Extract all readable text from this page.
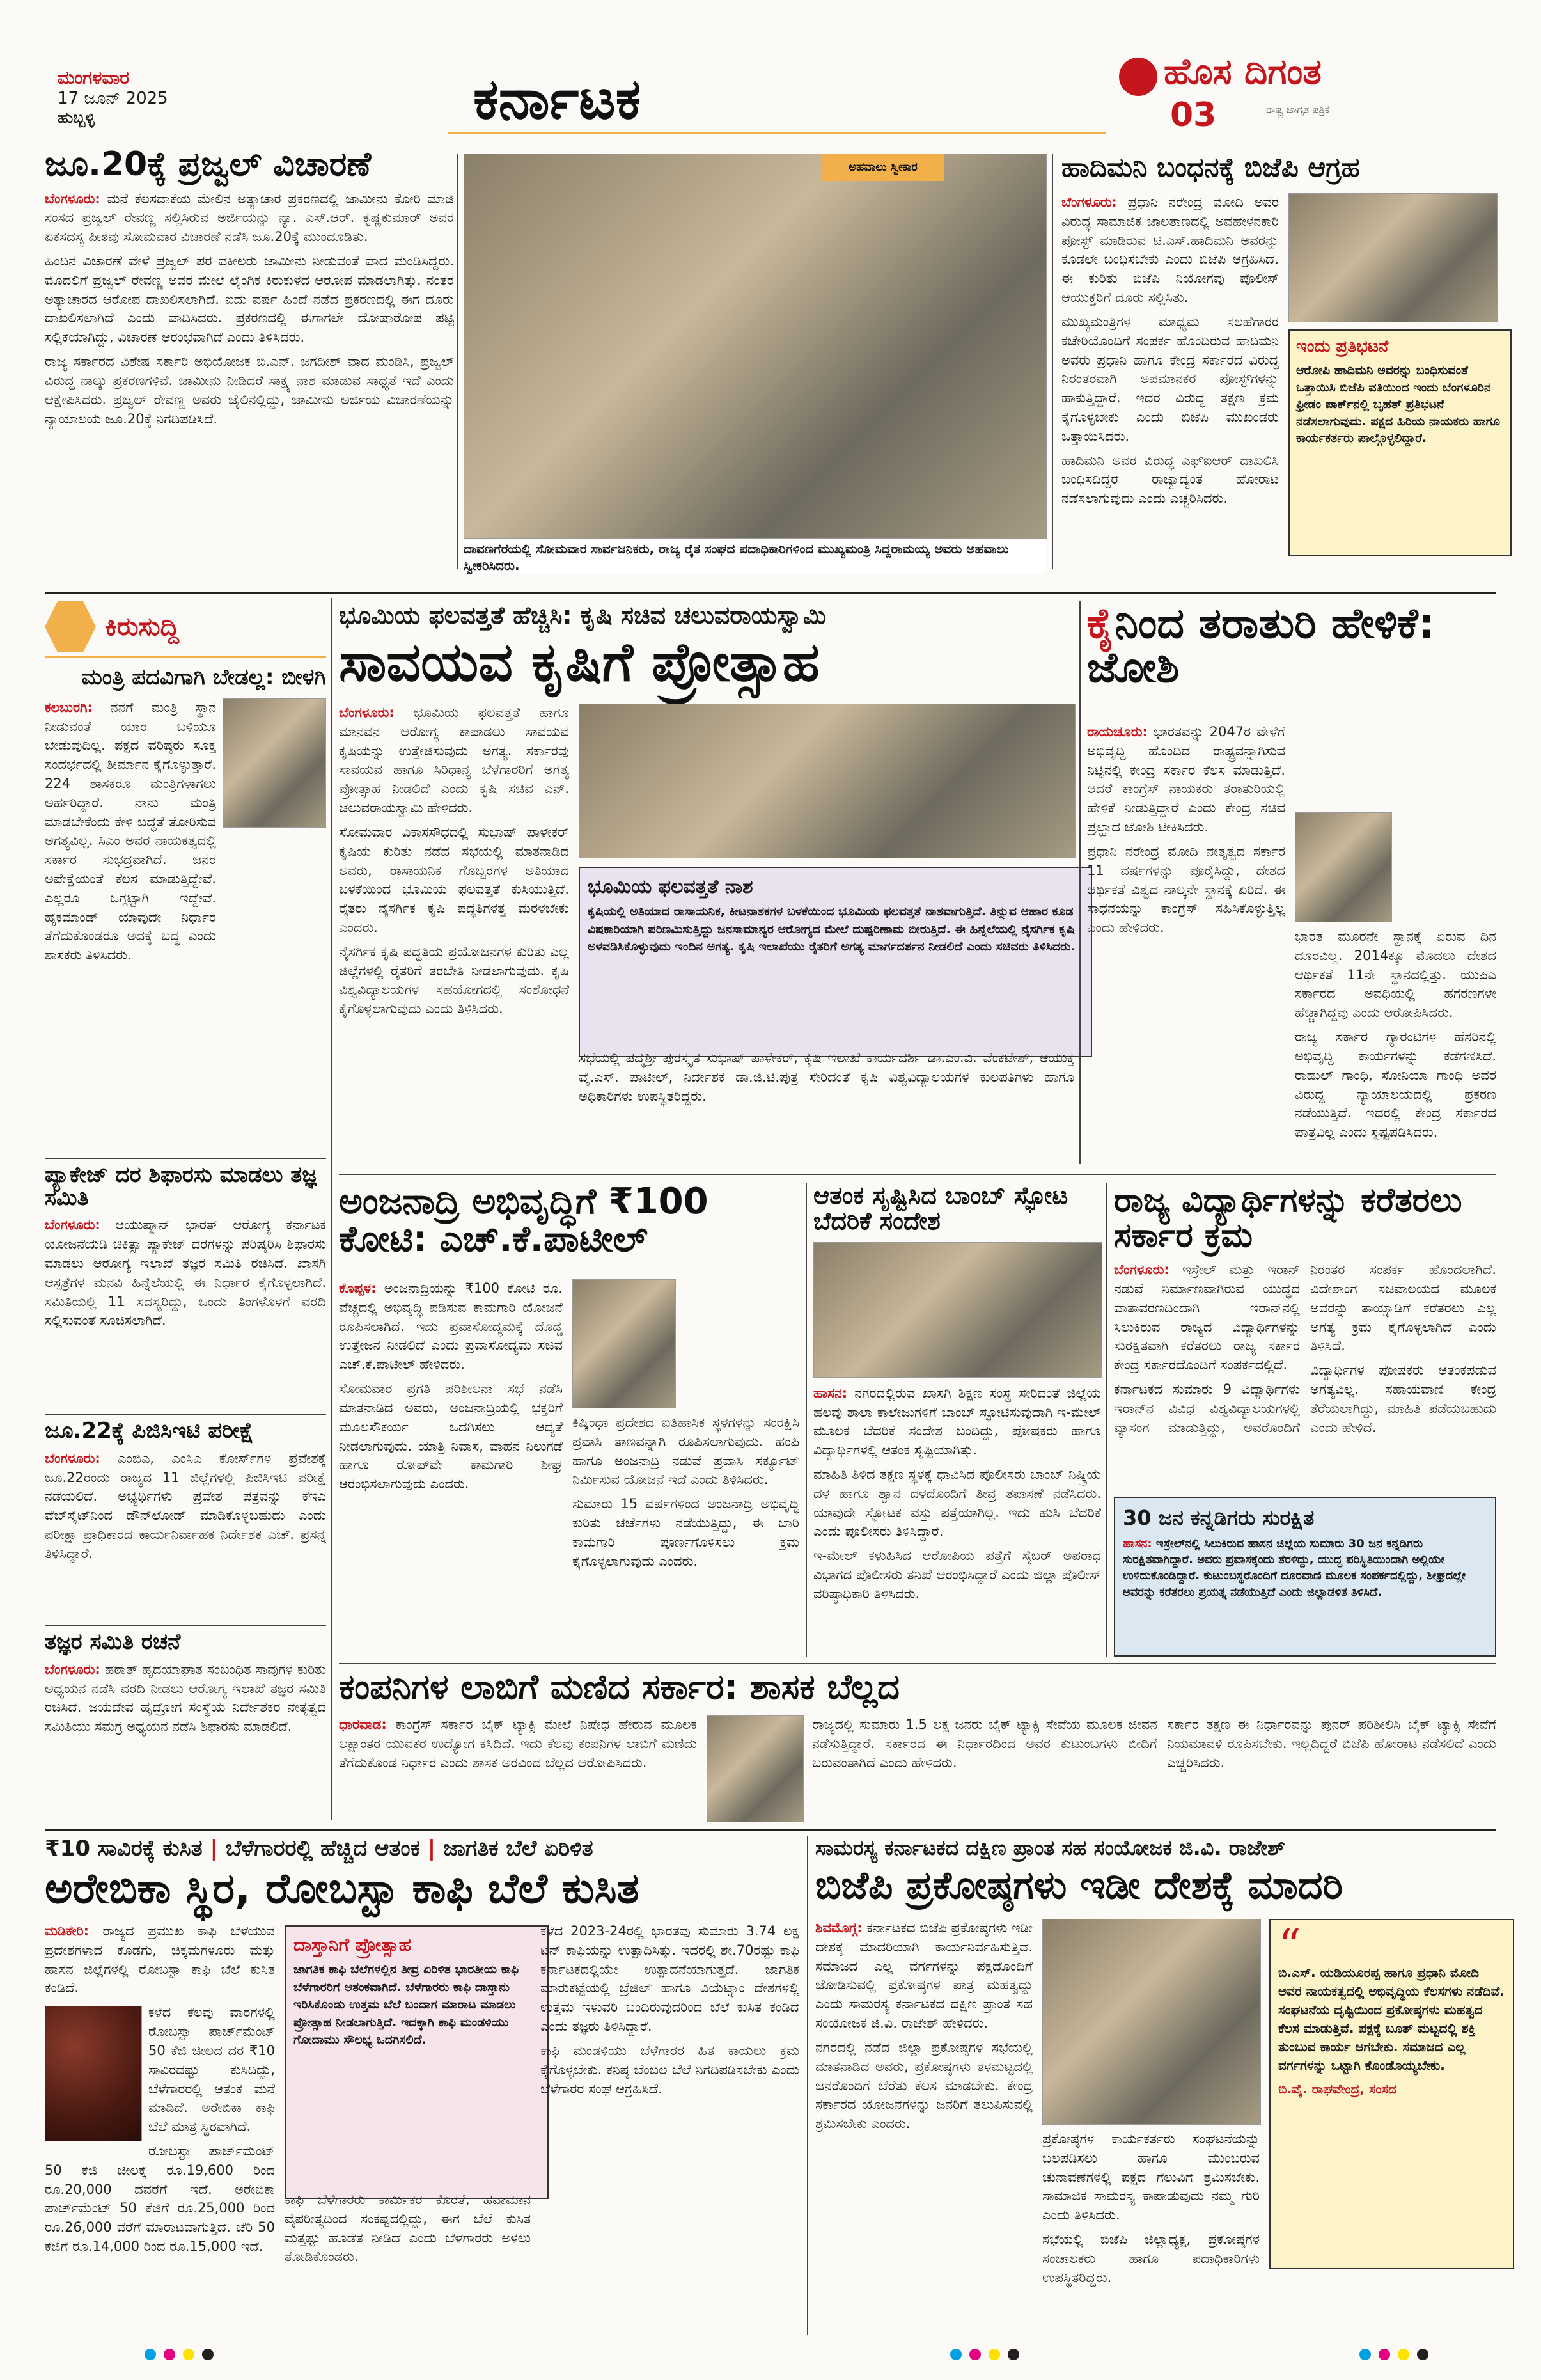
ಮಂಗಳವಾರ
17 ಜೂನ್ 2025
ಹುಬ್ಬಳ್ಳಿ	ಕರ್ನಾಟಕ	ಹೊಸ ದಿಗಂತ
ರಾಷ್ಟ್ರ ಜಾಗೃತ ಪತ್ರಿಕೆ
03
ಜೂ.20ಕ್ಕೆ ಪ್ರಜ್ವಲ್ ವಿಚಾರಣೆ

ಬೆಂಗಳೂರು: ಮನೆ ಕೆಲಸದಾಕೆಯ ಮೇಲಿನ ಅತ್ಯಾಚಾರ ಪ್ರಕರಣದಲ್ಲಿ ಜಾಮೀನು ಕೋರಿ ಮಾಜಿ ಸಂಸದ ಪ್ರಜ್ವಲ್ ರೇವಣ್ಣ ಸಲ್ಲಿಸಿರುವ ಅರ್ಜಿಯನ್ನು ನ್ಯಾ. ಎಸ್.ಆರ್. ಕೃಷ್ಣಕುಮಾರ್ ಅವರ ಏಕಸದಸ್ಯ ಪೀಠವು ಸೋಮವಾರ ವಿಚಾರಣೆ ನಡೆಸಿ ಜೂ.20ಕ್ಕೆ ಮುಂದೂಡಿತು.

ಹಿಂದಿನ ವಿಚಾರಣೆ ವೇಳೆ ಪ್ರಜ್ವಲ್ ಪರ ವಕೀಲರು ಜಾಮೀನು ನೀಡುವಂತೆ ವಾದ ಮಂಡಿಸಿದ್ದರು. ಮೊದಲಿಗೆ ಪ್ರಜ್ವಲ್ ರೇವಣ್ಣ ಅವರ ಮೇಲೆ ಲೈಂಗಿಕ ಕಿರುಕುಳದ ಆರೋಪ ಮಾಡಲಾಗಿತ್ತು. ನಂತರ ಅತ್ಯಾಚಾರದ ಆರೋಪ ದಾಖಲಿಸಲಾಗಿದೆ. ಐದು ವರ್ಷ ಹಿಂದೆ ನಡೆದ ಪ್ರಕರಣದಲ್ಲಿ ಈಗ ದೂರು ದಾಖಲಿಸಲಾಗಿದೆ ಎಂದು ವಾದಿಸಿದರು. ಪ್ರಕರಣದಲ್ಲಿ ಈಗಾಗಲೇ ದೋಷಾರೋಪ ಪಟ್ಟಿ ಸಲ್ಲಿಕೆಯಾಗಿದ್ದು, ವಿಚಾರಣೆ ಆರಂಭವಾಗಿದೆ ಎಂದು ತಿಳಿಸಿದರು.

ರಾಜ್ಯ ಸರ್ಕಾರದ ವಿಶೇಷ ಸರ್ಕಾರಿ ಅಭಿಯೋಜಕ ಬಿ.ಎನ್. ಜಗದೀಶ್ ವಾದ ಮಂಡಿಸಿ, ಪ್ರಜ್ವಲ್ ವಿರುದ್ಧ ನಾಲ್ಕು ಪ್ರಕರಣಗಳಿವೆ. ಜಾಮೀನು ನೀಡಿದರೆ ಸಾಕ್ಷ್ಯ ನಾಶ ಮಾಡುವ ಸಾಧ್ಯತೆ ಇದೆ ಎಂದು ಆಕ್ಷೇಪಿಸಿದರು. ಪ್ರಜ್ವಲ್ ರೇವಣ್ಣ ಅವರು ಜೈಲಿನಲ್ಲಿದ್ದು, ಜಾಮೀನು ಅರ್ಜಿಯ ವಿಚಾರಣೆಯನ್ನು ನ್ಯಾಯಾಲಯ ಜೂ.20ಕ್ಕೆ ನಿಗದಿಪಡಿಸಿದೆ.

ಅಹವಾಲು ಸ್ವೀಕಾರ
ದಾವಣಗೆರೆಯಲ್ಲಿ ಸೋಮವಾರ ಸಾರ್ವಜನಿಕರು, ರಾಜ್ಯ ರೈತ ಸಂಘದ ಪದಾಧಿಕಾರಿಗಳಿಂದ ಮುಖ್ಯಮಂತ್ರಿ ಸಿದ್ದರಾಮಯ್ಯ ಅವರು ಅಹವಾಲು ಸ್ವೀಕರಿಸಿದರು.
ಹಾದಿಮನಿ ಬಂಧನಕ್ಕೆ ಬಿಜೆಪಿ ಆಗ್ರಹ

ಬೆಂಗಳೂರು: ಪ್ರಧಾನಿ ನರೇಂದ್ರ ಮೋದಿ ಅವರ ವಿರುದ್ಧ ಸಾಮಾಜಿಕ ಜಾಲತಾಣದಲ್ಲಿ ಅವಹೇಳನಕಾರಿ ಪೋಸ್ಟ್ ಮಾಡಿರುವ ಟಿ.ಎಸ್.ಹಾದಿಮನಿ ಅವರನ್ನು ಕೂಡಲೇ ಬಂಧಿಸಬೇಕು ಎಂದು ಬಿಜೆಪಿ ಆಗ್ರಹಿಸಿದೆ. ಈ ಕುರಿತು ಬಿಜೆಪಿ ನಿಯೋಗವು ಪೊಲೀಸ್ ಆಯುಕ್ತರಿಗೆ ದೂರು ಸಲ್ಲಿಸಿತು.

ಮುಖ್ಯಮಂತ್ರಿಗಳ ಮಾಧ್ಯಮ ಸಲಹೆಗಾರರ ಕಚೇರಿಯೊಂದಿಗೆ ಸಂಪರ್ಕ ಹೊಂದಿರುವ ಹಾದಿಮನಿ ಅವರು ಪ್ರಧಾನಿ ಹಾಗೂ ಕೇಂದ್ರ ಸರ್ಕಾರದ ವಿರುದ್ಧ ನಿರಂತರವಾಗಿ ಅಪಮಾನಕರ ಪೋಸ್ಟ್‌ಗಳನ್ನು ಹಾಕುತ್ತಿದ್ದಾರೆ. ಇದರ ವಿರುದ್ಧ ತಕ್ಷಣ ಕ್ರಮ ಕೈಗೊಳ್ಳಬೇಕು ಎಂದು ಬಿಜೆಪಿ ಮುಖಂಡರು ಒತ್ತಾಯಿಸಿದರು.

ಹಾದಿಮನಿ ಅವರ ವಿರುದ್ಧ ಎಫ್‌ಐಆರ್ ದಾಖಲಿಸಿ ಬಂಧಿಸದಿದ್ದರೆ ರಾಜ್ಯಾದ್ಯಂತ ಹೋರಾಟ ನಡೆಸಲಾಗುವುದು ಎಂದು ಎಚ್ಚರಿಸಿದರು.

ಇಂದು ಪ್ರತಿಭಟನೆ
ಆರೋಪಿ ಹಾದಿಮನಿ ಅವರನ್ನು ಬಂಧಿಸುವಂತೆ ಒತ್ತಾಯಿಸಿ ಬಿಜೆಪಿ ವತಿಯಿಂದ ಇಂದು ಬೆಂಗಳೂರಿನ ಫ್ರೀಡಂ ಪಾರ್ಕ್‌ನಲ್ಲಿ ಬೃಹತ್ ಪ್ರತಿಭಟನೆ ನಡೆಸಲಾಗುವುದು. ಪಕ್ಷದ ಹಿರಿಯ ನಾಯಕರು ಹಾಗೂ ಕಾರ್ಯಕರ್ತರು ಪಾಲ್ಗೊಳ್ಳಲಿದ್ದಾರೆ.
ಕಿರುಸುದ್ದಿ
ಮಂತ್ರಿ ಪದವಿಗಾಗಿ ಬೇಡಲ್ಲ: ಬೀಳಗಿ

ಕಲಬುರಗಿ: ನನಗೆ ಮಂತ್ರಿ ಸ್ಥಾನ ನೀಡುವಂತೆ ಯಾರ ಬಳಿಯೂ ಬೇಡುವುದಿಲ್ಲ. ಪಕ್ಷದ ವರಿಷ್ಠರು ಸೂಕ್ತ ಸಂದರ್ಭದಲ್ಲಿ ತೀರ್ಮಾನ ಕೈಗೊಳ್ಳುತ್ತಾರೆ. 224 ಶಾಸಕರೂ ಮಂತ್ರಿಗಳಾಗಲು ಅರ್ಹರಿದ್ದಾರೆ. ನಾನು ಮಂತ್ರಿ ಮಾಡಬೇಕೆಂದು ಕೇಳಿ ಬದ್ಧತೆ ತೋರಿಸುವ ಅಗತ್ಯವಿಲ್ಲ. ಸಿಎಂ ಅವರ ನಾಯಕತ್ವದಲ್ಲಿ ಸರ್ಕಾರ ಸುಭದ್ರವಾಗಿದೆ. ಜನರ ಅಪೇಕ್ಷೆಯಂತೆ ಕೆಲಸ ಮಾಡುತ್ತಿದ್ದೇವೆ. ಎಲ್ಲರೂ ಒಗ್ಗಟ್ಟಾಗಿ ಇದ್ದೇವೆ. ಹೈಕಮಾಂಡ್ ಯಾವುದೇ ನಿರ್ಧಾರ ತೆಗೆದುಕೊಂಡರೂ ಅದಕ್ಕೆ ಬದ್ಧ ಎಂದು ಶಾಸಕರು ತಿಳಿಸಿದರು.

ಪ್ಯಾಕೇಜ್ ದರ ಶಿಫಾರಸು ಮಾಡಲು ತಜ್ಞ ಸಮಿತಿ

ಬೆಂಗಳೂರು: ಆಯುಷ್ಮಾನ್ ಭಾರತ್ ಆರೋಗ್ಯ ಕರ್ನಾಟಕ ಯೋಜನೆಯಡಿ ಚಿಕಿತ್ಸಾ ಪ್ಯಾಕೇಜ್ ದರಗಳನ್ನು ಪರಿಷ್ಕರಿಸಿ ಶಿಫಾರಸು ಮಾಡಲು ಆರೋಗ್ಯ ಇಲಾಖೆ ತಜ್ಞರ ಸಮಿತಿ ರಚಿಸಿದೆ. ಖಾಸಗಿ ಆಸ್ಪತ್ರೆಗಳ ಮನವಿ ಹಿನ್ನೆಲೆಯಲ್ಲಿ ಈ ನಿರ್ಧಾರ ಕೈಗೊಳ್ಳಲಾಗಿದೆ. ಸಮಿತಿಯಲ್ಲಿ 11 ಸದಸ್ಯರಿದ್ದು, ಒಂದು ತಿಂಗಳೊಳಗೆ ವರದಿ ಸಲ್ಲಿಸುವಂತೆ ಸೂಚಿಸಲಾಗಿದೆ.

ಜೂ.22ಕ್ಕೆ ಪಿಜಿಸಿಇಟಿ ಪರೀಕ್ಷೆ

ಬೆಂಗಳೂರು: ಎಂಬಿಎ, ಎಂಸಿಎ ಕೋರ್ಸ್‌ಗಳ ಪ್ರವೇಶಕ್ಕೆ ಜೂ.22ರಂದು ರಾಜ್ಯದ 11 ಜಿಲ್ಲೆಗಳಲ್ಲಿ ಪಿಜಿಸಿಇಟಿ ಪರೀಕ್ಷೆ ನಡೆಯಲಿದೆ. ಅಭ್ಯರ್ಥಿಗಳು ಪ್ರವೇಶ ಪತ್ರವನ್ನು ಕೆಇಎ ವೆಬ್‌ಸೈಟ್‌ನಿಂದ ಡೌನ್‌ಲೋಡ್ ಮಾಡಿಕೊಳ್ಳಬಹುದು ಎಂದು ಪರೀಕ್ಷಾ ಪ್ರಾಧಿಕಾರದ ಕಾರ್ಯನಿರ್ವಾಹಕ ನಿರ್ದೇಶಕ ಎಚ್. ಪ್ರಸನ್ನ ತಿಳಿಸಿದ್ದಾರೆ.

ತಜ್ಞರ ಸಮಿತಿ ರಚನೆ

ಬೆಂಗಳೂರು: ಹಠಾತ್ ಹೃದಯಾಘಾತ ಸಂಬಂಧಿತ ಸಾವುಗಳ ಕುರಿತು ಅಧ್ಯಯನ ನಡೆಸಿ ವರದಿ ನೀಡಲು ಆರೋಗ್ಯ ಇಲಾಖೆ ತಜ್ಞರ ಸಮಿತಿ ರಚಿಸಿದೆ. ಜಯದೇವ ಹೃದ್ರೋಗ ಸಂಸ್ಥೆಯ ನಿರ್ದೇಶಕರ ನೇತೃತ್ವದ ಸಮಿತಿಯು ಸಮಗ್ರ ಅಧ್ಯಯನ ನಡೆಸಿ ಶಿಫಾರಸು ಮಾಡಲಿದೆ.

ಭೂಮಿಯ ಫಲವತ್ತತೆ ಹೆಚ್ಚಿಸಿ: ಕೃಷಿ ಸಚಿವ ಚಲುವರಾಯಸ್ವಾಮಿ
ಸಾವಯವ ಕೃಷಿಗೆ ಪ್ರೋತ್ಸಾಹ

ಬೆಂಗಳೂರು: ಭೂಮಿಯ ಫಲವತ್ತತೆ ಹಾಗೂ ಮಾನವನ ಆರೋಗ್ಯ ಕಾಪಾಡಲು ಸಾವಯವ ಕೃಷಿಯನ್ನು ಉತ್ತೇಜಿಸುವುದು ಅಗತ್ಯ. ಸರ್ಕಾರವು ಸಾವಯವ ಹಾಗೂ ಸಿರಿಧಾನ್ಯ ಬೆಳೆಗಾರರಿಗೆ ಅಗತ್ಯ ಪ್ರೋತ್ಸಾಹ ನೀಡಲಿದೆ ಎಂದು ಕೃಷಿ ಸಚಿವ ಎನ್. ಚಲುವರಾಯಸ್ವಾಮಿ ಹೇಳಿದರು.

ಸೋಮವಾರ ವಿಕಾಸಸೌಧದಲ್ಲಿ ಸುಭಾಷ್ ಪಾಳೇಕರ್ ಕೃಷಿಯ ಕುರಿತು ನಡೆದ ಸಭೆಯಲ್ಲಿ ಮಾತನಾಡಿದ ಅವರು, ರಾಸಾಯನಿಕ ಗೊಬ್ಬರಗಳ ಅತಿಯಾದ ಬಳಕೆಯಿಂದ ಭೂಮಿಯ ಫಲವತ್ತತೆ ಕುಸಿಯುತ್ತಿದೆ. ರೈತರು ನೈಸರ್ಗಿಕ ಕೃಷಿ ಪದ್ಧತಿಗಳತ್ತ ಮರಳಬೇಕು ಎಂದರು.

ನೈಸರ್ಗಿಕ ಕೃಷಿ ಪದ್ಧತಿಯ ಪ್ರಯೋಜನಗಳ ಕುರಿತು ಎಲ್ಲ ಜಿಲ್ಲೆಗಳಲ್ಲಿ ರೈತರಿಗೆ ತರಬೇತಿ ನೀಡಲಾಗುವುದು. ಕೃಷಿ ವಿಶ್ವವಿದ್ಯಾಲಯಗಳ ಸಹಯೋಗದಲ್ಲಿ ಸಂಶೋಧನೆ ಕೈಗೊಳ್ಳಲಾಗುವುದು ಎಂದು ತಿಳಿಸಿದರು.

ಭೂಮಿಯ ಫಲವತ್ತತೆ ನಾಶ
ಕೃಷಿಯಲ್ಲಿ ಅತಿಯಾದ ರಾಸಾಯನಿಕ, ಕೀಟನಾಶಕಗಳ ಬಳಕೆಯಿಂದ ಭೂಮಿಯ ಫಲವತ್ತತೆ ನಾಶವಾಗುತ್ತಿದೆ. ತಿನ್ನುವ ಆಹಾರ ಕೂಡ ವಿಷಕಾರಿಯಾಗಿ ಪರಿಣಮಿಸುತ್ತಿದ್ದು ಜನಸಾಮಾನ್ಯರ ಆರೋಗ್ಯದ ಮೇಲೆ ದುಷ್ಪರಿಣಾಮ ಬೀರುತ್ತಿದೆ. ಈ ಹಿನ್ನೆಲೆಯಲ್ಲಿ ನೈಸರ್ಗಿಕ ಕೃಷಿ ಅಳವಡಿಸಿಕೊಳ್ಳುವುದು ಇಂದಿನ ಅಗತ್ಯ. ಕೃಷಿ ಇಲಾಖೆಯು ರೈತರಿಗೆ ಅಗತ್ಯ ಮಾರ್ಗದರ್ಶನ ನೀಡಲಿದೆ ಎಂದು ಸಚಿವರು ತಿಳಿಸಿದರು.

ಸಭೆಯಲ್ಲಿ ಪದ್ಮಶ್ರೀ ಪುರಸ್ಕೃತ ಸುಭಾಷ್ ಪಾಳೇಕರ್, ಕೃಷಿ ಇಲಾಖೆ ಕಾರ್ಯದರ್ಶಿ ಡಾ.ಎಂ.ವಿ. ವೆಂಕಟೇಶ್, ಆಯುಕ್ತ ವೈ.ಎಸ್. ಪಾಟೀಲ್, ನಿರ್ದೇಶಕ ಡಾ.ಜಿ.ಟಿ.ಪುತ್ರ ಸೇರಿದಂತೆ ಕೃಷಿ ವಿಶ್ವವಿದ್ಯಾಲಯಗಳ ಕುಲಪತಿಗಳು ಹಾಗೂ ಅಧಿಕಾರಿಗಳು ಉಪಸ್ಥಿತರಿದ್ದರು.

ಕೈನಿಂದ ತರಾತುರಿ ಹೇಳಿಕೆ: ಜೋಶಿ

ರಾಯಚೂರು: ಭಾರತವನ್ನು 2047ರ ವೇಳೆಗೆ ಅಭಿವೃದ್ಧಿ ಹೊಂದಿದ ರಾಷ್ಟ್ರವನ್ನಾಗಿಸುವ ನಿಟ್ಟಿನಲ್ಲಿ ಕೇಂದ್ರ ಸರ್ಕಾರ ಕೆಲಸ ಮಾಡುತ್ತಿದೆ. ಆದರೆ ಕಾಂಗ್ರೆಸ್ ನಾಯಕರು ತರಾತುರಿಯಲ್ಲಿ ಹೇಳಿಕೆ ನೀಡುತ್ತಿದ್ದಾರೆ ಎಂದು ಕೇಂದ್ರ ಸಚಿವ ಪ್ರಲ್ಹಾದ ಜೋಶಿ ಟೀಕಿಸಿದರು.

ಪ್ರಧಾನಿ ನರೇಂದ್ರ ಮೋದಿ ನೇತೃತ್ವದ ಸರ್ಕಾರ 11 ವರ್ಷಗಳನ್ನು ಪೂರೈಸಿದ್ದು, ದೇಶದ ಆರ್ಥಿಕತೆ ವಿಶ್ವದ ನಾಲ್ಕನೇ ಸ್ಥಾನಕ್ಕೆ ಏರಿದೆ. ಈ ಸಾಧನೆಯನ್ನು ಕಾಂಗ್ರೆಸ್ ಸಹಿಸಿಕೊಳ್ಳುತ್ತಿಲ್ಲ ಎಂದು ಹೇಳಿದರು.

ಭಾರತ ಮೂರನೇ ಸ್ಥಾನಕ್ಕೆ ಏರುವ ದಿನ ದೂರವಿಲ್ಲ. 2014ಕ್ಕೂ ಮೊದಲು ದೇಶದ ಆರ್ಥಿಕತೆ 11ನೇ ಸ್ಥಾನದಲ್ಲಿತ್ತು. ಯುಪಿಎ ಸರ್ಕಾರದ ಅವಧಿಯಲ್ಲಿ ಹಗರಣಗಳೇ ಹೆಚ್ಚಾಗಿದ್ದವು ಎಂದು ಆರೋಪಿಸಿದರು.

ರಾಜ್ಯ ಸರ್ಕಾರ ಗ್ಯಾರಂಟಿಗಳ ಹೆಸರಿನಲ್ಲಿ ಅಭಿವೃದ್ಧಿ ಕಾರ್ಯಗಳನ್ನು ಕಡೆಗಣಿಸಿದೆ. ರಾಹುಲ್ ಗಾಂಧಿ, ಸೋನಿಯಾ ಗಾಂಧಿ ಅವರ ವಿರುದ್ಧ ನ್ಯಾಯಾಲಯದಲ್ಲಿ ಪ್ರಕರಣ ನಡೆಯುತ್ತಿದೆ. ಇದರಲ್ಲಿ ಕೇಂದ್ರ ಸರ್ಕಾರದ ಪಾತ್ರವಿಲ್ಲ ಎಂದು ಸ್ಪಷ್ಟಪಡಿಸಿದರು.

ಅಂಜನಾದ್ರಿ ಅಭಿವೃದ್ಧಿಗೆ ₹100 ಕೋಟಿ: ಎಚ್.ಕೆ.ಪಾಟೀಲ್

ಕೊಪ್ಪಳ: ಅಂಜನಾದ್ರಿಯನ್ನು ₹100 ಕೋಟಿ ರೂ. ವೆಚ್ಚದಲ್ಲಿ ಅಭಿವೃದ್ಧಿ ಪಡಿಸುವ ಕಾಮಗಾರಿ ಯೋಜನೆ ರೂಪಿಸಲಾಗಿದೆ. ಇದು ಪ್ರವಾಸೋದ್ಯಮಕ್ಕೆ ದೊಡ್ಡ ಉತ್ತೇಜನ ನೀಡಲಿದೆ ಎಂದು ಪ್ರವಾಸೋದ್ಯಮ ಸಚಿವ ಎಚ್.ಕೆ.ಪಾಟೀಲ್ ಹೇಳಿದರು.

ಸೋಮವಾರ ಪ್ರಗತಿ ಪರಿಶೀಲನಾ ಸಭೆ ನಡೆಸಿ ಮಾತನಾಡಿದ ಅವರು, ಅಂಜನಾದ್ರಿಯಲ್ಲಿ ಭಕ್ತರಿಗೆ ಮೂಲಸೌಕರ್ಯ ಒದಗಿಸಲು ಆದ್ಯತೆ ನೀಡಲಾಗುವುದು. ಯಾತ್ರಿ ನಿವಾಸ, ವಾಹನ ನಿಲುಗಡೆ ಹಾಗೂ ರೋಪ್‌ವೇ ಕಾಮಗಾರಿ ಶೀಘ್ರ ಆರಂಭಿಸಲಾಗುವುದು ಎಂದರು.

ಕಿಷ್ಕಿಂಧಾ ಪ್ರದೇಶದ ಐತಿಹಾಸಿಕ ಸ್ಥಳಗಳನ್ನು ಸಂರಕ್ಷಿಸಿ ಪ್ರವಾಸಿ ತಾಣವನ್ನಾಗಿ ರೂಪಿಸಲಾಗುವುದು. ಹಂಪಿ ಹಾಗೂ ಅಂಜನಾದ್ರಿ ನಡುವೆ ಪ್ರವಾಸಿ ಸರ್ಕ್ಯೂಟ್ ನಿರ್ಮಿಸುವ ಯೋಜನೆ ಇದೆ ಎಂದು ತಿಳಿಸಿದರು.

ಸುಮಾರು 15 ವರ್ಷಗಳಿಂದ ಅಂಜನಾದ್ರಿ ಅಭಿವೃದ್ಧಿ ಕುರಿತು ಚರ್ಚೆಗಳು ನಡೆಯುತ್ತಿದ್ದು, ಈ ಬಾರಿ ಕಾಮಗಾರಿ ಪೂರ್ಣಗೊಳಿಸಲು ಕ್ರಮ ಕೈಗೊಳ್ಳಲಾಗುವುದು ಎಂದರು.

ಆತಂಕ ಸೃಷ್ಟಿಸಿದ ಬಾಂಬ್ ಸ್ಫೋಟ ಬೆದರಿಕೆ ಸಂದೇಶ

ಹಾಸನ: ನಗರದಲ್ಲಿರುವ ಖಾಸಗಿ ಶಿಕ್ಷಣ ಸಂಸ್ಥೆ ಸೇರಿದಂತೆ ಜಿಲ್ಲೆಯ ಹಲವು ಶಾಲಾ ಕಾಲೇಜುಗಳಿಗೆ ಬಾಂಬ್ ಸ್ಫೋಟಿಸುವುದಾಗಿ ಇ-ಮೇಲ್ ಮೂಲಕ ಬೆದರಿಕೆ ಸಂದೇಶ ಬಂದಿದ್ದು, ಪೋಷಕರು ಹಾಗೂ ವಿದ್ಯಾರ್ಥಿಗಳಲ್ಲಿ ಆತಂಕ ಸೃಷ್ಟಿಯಾಗಿತ್ತು.

ಮಾಹಿತಿ ತಿಳಿದ ತಕ್ಷಣ ಸ್ಥಳಕ್ಕೆ ಧಾವಿಸಿದ ಪೊಲೀಸರು ಬಾಂಬ್ ನಿಷ್ಕ್ರಿಯ ದಳ ಹಾಗೂ ಶ್ವಾನ ದಳದೊಂದಿಗೆ ತೀವ್ರ ತಪಾಸಣೆ ನಡೆಸಿದರು. ಯಾವುದೇ ಸ್ಫೋಟಕ ವಸ್ತು ಪತ್ತೆಯಾಗಿಲ್ಲ. ಇದು ಹುಸಿ ಬೆದರಿಕೆ ಎಂದು ಪೊಲೀಸರು ತಿಳಿಸಿದ್ದಾರೆ.

ಇ-ಮೇಲ್ ಕಳುಹಿಸಿದ ಆರೋಪಿಯ ಪತ್ತೆಗೆ ಸೈಬರ್ ಅಪರಾಧ ವಿಭಾಗದ ಪೊಲೀಸರು ತನಿಖೆ ಆರಂಭಿಸಿದ್ದಾರೆ ಎಂದು ಜಿಲ್ಲಾ ಪೊಲೀಸ್ ವರಿಷ್ಠಾಧಿಕಾರಿ ತಿಳಿಸಿದರು.

ರಾಜ್ಯ ವಿದ್ಯಾರ್ಥಿಗಳನ್ನು ಕರೆತರಲು ಸರ್ಕಾರ ಕ್ರಮ

ಬೆಂಗಳೂರು: ಇಸ್ರೇಲ್ ಮತ್ತು ಇರಾನ್ ನಡುವೆ ನಿರ್ಮಾಣವಾಗಿರುವ ಯುದ್ಧದ ವಾತಾವರಣದಿಂದಾಗಿ ಇರಾನ್‌ನಲ್ಲಿ ಸಿಲುಕಿರುವ ರಾಜ್ಯದ ವಿದ್ಯಾರ್ಥಿಗಳನ್ನು ಸುರಕ್ಷಿತವಾಗಿ ಕರೆತರಲು ರಾಜ್ಯ ಸರ್ಕಾರ ಕೇಂದ್ರ ಸರ್ಕಾರದೊಂದಿಗೆ ಸಂಪರ್ಕದಲ್ಲಿದೆ.

ಕರ್ನಾಟಕದ ಸುಮಾರು 9 ವಿದ್ಯಾರ್ಥಿಗಳು ಇರಾನ್‌ನ ವಿವಿಧ ವಿಶ್ವವಿದ್ಯಾಲಯಗಳಲ್ಲಿ ವ್ಯಾಸಂಗ ಮಾಡುತ್ತಿದ್ದು, ಅವರೊಂದಿಗೆ ನಿರಂತರ ಸಂಪರ್ಕ ಹೊಂದಲಾಗಿದೆ. ವಿದೇಶಾಂಗ ಸಚಿವಾಲಯದ ಮೂಲಕ ಅವರನ್ನು ತಾಯ್ನಾಡಿಗೆ ಕರೆತರಲು ಎಲ್ಲ ಅಗತ್ಯ ಕ್ರಮ ಕೈಗೊಳ್ಳಲಾಗಿದೆ ಎಂದು ತಿಳಿಸಿದೆ.

ವಿದ್ಯಾರ್ಥಿಗಳ ಪೋಷಕರು ಆತಂಕಪಡುವ ಅಗತ್ಯವಿಲ್ಲ. ಸಹಾಯವಾಣಿ ಕೇಂದ್ರ ತೆರೆಯಲಾಗಿದ್ದು, ಮಾಹಿತಿ ಪಡೆಯಬಹುದು ಎಂದು ಹೇಳಿದೆ.

30 ಜನ ಕನ್ನಡಿಗರು ಸುರಕ್ಷಿತ
ಹಾಸನ: ಇಸ್ರೇಲ್‌ನಲ್ಲಿ ಸಿಲುಕಿರುವ ಹಾಸನ ಜಿಲ್ಲೆಯ ಸುಮಾರು 30 ಜನ ಕನ್ನಡಿಗರು ಸುರಕ್ಷಿತವಾಗಿದ್ದಾರೆ. ಅವರು ಪ್ರವಾಸಕ್ಕೆಂದು ತೆರಳಿದ್ದು, ಯುದ್ಧ ಪರಿಸ್ಥಿತಿಯಿಂದಾಗಿ ಅಲ್ಲಿಯೇ ಉಳಿದುಕೊಂಡಿದ್ದಾರೆ. ಕುಟುಂಬಸ್ಥರೊಂದಿಗೆ ದೂರವಾಣಿ ಮೂಲಕ ಸಂಪರ್ಕದಲ್ಲಿದ್ದು, ಶೀಘ್ರದಲ್ಲೇ ಅವರನ್ನು ಕರೆತರಲು ಪ್ರಯತ್ನ ನಡೆಯುತ್ತಿದೆ ಎಂದು ಜಿಲ್ಲಾಡಳಿತ ತಿಳಿಸಿದೆ.
ಕಂಪನಿಗಳ ಲಾಬಿಗೆ ಮಣಿದ ಸರ್ಕಾರ: ಶಾಸಕ ಬೆಲ್ಲದ

ಧಾರವಾಡ: ಕಾಂಗ್ರೆಸ್ ಸರ್ಕಾರ ಬೈಕ್ ಟ್ಯಾಕ್ಸಿ ಮೇಲೆ ನಿಷೇಧ ಹೇರುವ ಮೂಲಕ ಲಕ್ಷಾಂತರ ಯುವಕರ ಉದ್ಯೋಗ ಕಸಿದಿದೆ. ಇದು ಕೆಲವು ಕಂಪನಿಗಳ ಲಾಬಿಗೆ ಮಣಿದು ತೆಗೆದುಕೊಂಡ ನಿರ್ಧಾರ ಎಂದು ಶಾಸಕ ಅರವಿಂದ ಬೆಲ್ಲದ ಆರೋಪಿಸಿದರು.

ರಾಜ್ಯದಲ್ಲಿ ಸುಮಾರು 1.5 ಲಕ್ಷ ಜನರು ಬೈಕ್ ಟ್ಯಾಕ್ಸಿ ಸೇವೆಯ ಮೂಲಕ ಜೀವನ ನಡೆಸುತ್ತಿದ್ದಾರೆ. ಸರ್ಕಾರದ ಈ ನಿರ್ಧಾರದಿಂದ ಅವರ ಕುಟುಂಬಗಳು ಬೀದಿಗೆ ಬರುವಂತಾಗಿದೆ ಎಂದು ಹೇಳಿದರು.

ಸರ್ಕಾರ ತಕ್ಷಣ ಈ ನಿರ್ಧಾರವನ್ನು ಪುನರ್ ಪರಿಶೀಲಿಸಿ ಬೈಕ್ ಟ್ಯಾಕ್ಸಿ ಸೇವೆಗೆ ನಿಯಮಾವಳಿ ರೂಪಿಸಬೇಕು. ಇಲ್ಲದಿದ್ದರೆ ಬಿಜೆಪಿ ಹೋರಾಟ ನಡೆಸಲಿದೆ ಎಂದು ಎಚ್ಚರಿಸಿದರು.

₹10 ಸಾವಿರಕ್ಕೆ ಕುಸಿತ | ಬೆಳೆಗಾರರಲ್ಲಿ ಹೆಚ್ಚಿದ ಆತಂಕ | ಜಾಗತಿಕ ಬೆಲೆ ಏರಿಳಿತ
ಅರೇಬಿಕಾ ಸ್ಥಿರ, ರೋಬಸ್ಟಾ ಕಾಫಿ ಬೆಲೆ ಕುಸಿತ

ಮಡಿಕೇರಿ: ರಾಜ್ಯದ ಪ್ರಮುಖ ಕಾಫಿ ಬೆಳೆಯುವ ಪ್ರದೇಶಗಳಾದ ಕೊಡಗು, ಚಿಕ್ಕಮಗಳೂರು ಮತ್ತು ಹಾಸನ ಜಿಲ್ಲೆಗಳಲ್ಲಿ ರೋಬಸ್ಟಾ ಕಾಫಿ ಬೆಲೆ ಕುಸಿತ ಕಂಡಿದೆ.

ಕಳೆದ ಕೆಲವು ವಾರಗಳಲ್ಲಿ ರೋಬಸ್ಟಾ ಪಾರ್ಚ್‌ಮೆಂಟ್ 50 ಕೆಜಿ ಚೀಲದ ದರ ₹10 ಸಾವಿರದಷ್ಟು ಕುಸಿದಿದ್ದು, ಬೆಳೆಗಾರರಲ್ಲಿ ಆತಂಕ ಮನೆ ಮಾಡಿದೆ. ಅರೇಬಿಕಾ ಕಾಫಿ ಬೆಲೆ ಮಾತ್ರ ಸ್ಥಿರವಾಗಿದೆ.

ರೋಬಸ್ಟಾ ಪಾರ್ಚ್‌ಮೆಂಟ್ 50 ಕೆಜಿ ಚೀಲಕ್ಕೆ ರೂ.19,600 ರಿಂದ ರೂ.20,000 ದವರೆಗೆ ಇದೆ. ಅರೇಬಿಕಾ ಪಾರ್ಚ್‌ಮೆಂಟ್ 50 ಕೆಜಿಗೆ ರೂ.25,000 ರಿಂದ ರೂ.26,000 ವರೆಗೆ ಮಾರಾಟವಾಗುತ್ತಿದೆ. ಚೆರಿ 50 ಕೆಜಿಗೆ ರೂ.14,000 ರಿಂದ ರೂ.15,000 ಇದೆ.

ದಾಸ್ತಾನಿಗೆ ಪ್ರೋತ್ಸಾಹ
ಜಾಗತಿಕ ಕಾಫಿ ಬೆಲೆಗಳಲ್ಲಿನ ತೀವ್ರ ಏರಿಳಿತ ಭಾರತೀಯ ಕಾಫಿ ಬೆಳೆಗಾರರಿಗೆ ಆತಂಕವಾಗಿದೆ. ಬೆಳೆಗಾರರು ಕಾಫಿ ದಾಸ್ತಾನು ಇರಿಸಿಕೊಂಡು ಉತ್ತಮ ಬೆಲೆ ಬಂದಾಗ ಮಾರಾಟ ಮಾಡಲು ಪ್ರೋತ್ಸಾಹ ನೀಡಲಾಗುತ್ತಿದೆ. ಇದಕ್ಕಾಗಿ ಕಾಫಿ ಮಂಡಳಿಯು ಗೋದಾಮು ಸೌಲಭ್ಯ ಒದಗಿಸಲಿದೆ.

ಕಾಫಿ ಬೆಳೆಗಾರರು ಕಾರ್ಮಿಕರ ಕೊರತೆ, ಹವಾಮಾನ ವೈಪರೀತ್ಯದಿಂದ ಸಂಕಷ್ಟದಲ್ಲಿದ್ದು, ಈಗ ಬೆಲೆ ಕುಸಿತ ಮತ್ತಷ್ಟು ಹೊಡೆತ ನೀಡಿದೆ ಎಂದು ಬೆಳೆಗಾರರು ಅಳಲು ತೋಡಿಕೊಂಡರು.

ಕಳೆದ 2023-24ರಲ್ಲಿ ಭಾರತವು ಸುಮಾರು 3.74 ಲಕ್ಷ ಟನ್ ಕಾಫಿಯನ್ನು ಉತ್ಪಾದಿಸಿತ್ತು. ಇದರಲ್ಲಿ ಶೇ.70ರಷ್ಟು ಕಾಫಿ ಕರ್ನಾಟಕದಲ್ಲಿಯೇ ಉತ್ಪಾದನೆಯಾಗುತ್ತದೆ. ಜಾಗತಿಕ ಮಾರುಕಟ್ಟೆಯಲ್ಲಿ ಬ್ರೆಜಿಲ್ ಹಾಗೂ ವಿಯೆಟ್ನಾಂ ದೇಶಗಳಲ್ಲಿ ಉತ್ತಮ ಇಳುವರಿ ಬಂದಿರುವುದರಿಂದ ಬೆಲೆ ಕುಸಿತ ಕಂಡಿದೆ ಎಂದು ತಜ್ಞರು ತಿಳಿಸಿದ್ದಾರೆ.

ಕಾಫಿ ಮಂಡಳಿಯು ಬೆಳೆಗಾರರ ಹಿತ ಕಾಯಲು ಕ್ರಮ ಕೈಗೊಳ್ಳಬೇಕು. ಕನಿಷ್ಠ ಬೆಂಬಲ ಬೆಲೆ ನಿಗದಿಪಡಿಸಬೇಕು ಎಂದು ಬೆಳೆಗಾರರ ಸಂಘ ಆಗ್ರಹಿಸಿದೆ.

ಸಾಮರಸ್ಯ ಕರ್ನಾಟಕದ ದಕ್ಷಿಣ ಪ್ರಾಂತ ಸಹ ಸಂಯೋಜಕ ಜಿ.ವಿ. ರಾಜೇಶ್
ಬಿಜೆಪಿ ಪ್ರಕೋಷ್ಠಗಳು ಇಡೀ ದೇಶಕ್ಕೆ ಮಾದರಿ

ಶಿವಮೊಗ್ಗ: ಕರ್ನಾಟಕದ ಬಿಜೆಪಿ ಪ್ರಕೋಷ್ಠಗಳು ಇಡೀ ದೇಶಕ್ಕೆ ಮಾದರಿಯಾಗಿ ಕಾರ್ಯನಿರ್ವಹಿಸುತ್ತಿವೆ. ಸಮಾಜದ ಎಲ್ಲ ವರ್ಗಗಳನ್ನು ಪಕ್ಷದೊಂದಿಗೆ ಜೋಡಿಸುವಲ್ಲಿ ಪ್ರಕೋಷ್ಠಗಳ ಪಾತ್ರ ಮಹತ್ವದ್ದು ಎಂದು ಸಾಮರಸ್ಯ ಕರ್ನಾಟಕದ ದಕ್ಷಿಣ ಪ್ರಾಂತ ಸಹ ಸಂಯೋಜಕ ಜಿ.ವಿ. ರಾಜೇಶ್ ಹೇಳಿದರು.

ನಗರದಲ್ಲಿ ನಡೆದ ಜಿಲ್ಲಾ ಪ್ರಕೋಷ್ಠಗಳ ಸಭೆಯಲ್ಲಿ ಮಾತನಾಡಿದ ಅವರು, ಪ್ರಕೋಷ್ಠಗಳು ತಳಮಟ್ಟದಲ್ಲಿ ಜನರೊಂದಿಗೆ ಬೆರೆತು ಕೆಲಸ ಮಾಡಬೇಕು. ಕೇಂದ್ರ ಸರ್ಕಾರದ ಯೋಜನೆಗಳನ್ನು ಜನರಿಗೆ ತಲುಪಿಸುವಲ್ಲಿ ಶ್ರಮಿಸಬೇಕು ಎಂದರು.

ಪ್ರಕೋಷ್ಠಗಳ ಕಾರ್ಯಕರ್ತರು ಸಂಘಟನೆಯನ್ನು ಬಲಪಡಿಸಲು ಹಾಗೂ ಮುಂಬರುವ ಚುನಾವಣೆಗಳಲ್ಲಿ ಪಕ್ಷದ ಗೆಲುವಿಗೆ ಶ್ರಮಿಸಬೇಕು. ಸಾಮಾಜಿಕ ಸಾಮರಸ್ಯ ಕಾಪಾಡುವುದು ನಮ್ಮ ಗುರಿ ಎಂದು ತಿಳಿಸಿದರು.

ಸಭೆಯಲ್ಲಿ ಬಿಜೆಪಿ ಜಿಲ್ಲಾಧ್ಯಕ್ಷ, ಪ್ರಕೋಷ್ಠಗಳ ಸಂಚಾಲಕರು ಹಾಗೂ ಪದಾಧಿಕಾರಿಗಳು ಉಪಸ್ಥಿತರಿದ್ದರು.

“
ಬಿ.ಎಸ್. ಯಡಿಯೂರಪ್ಪ ಹಾಗೂ ಪ್ರಧಾನಿ ಮೋದಿ ಅವರ ನಾಯಕತ್ವದಲ್ಲಿ ಅಭಿವೃದ್ಧಿಯ ಕೆಲಸಗಳು ನಡೆದಿವೆ. ಸಂಘಟನೆಯ ದೃಷ್ಟಿಯಿಂದ ಪ್ರಕೋಷ್ಠಗಳು ಮಹತ್ವದ ಕೆಲಸ ಮಾಡುತ್ತಿವೆ. ಪಕ್ಷಕ್ಕೆ ಬೂತ್ ಮಟ್ಟದಲ್ಲಿ ಶಕ್ತಿ ತುಂಬುವ ಕಾರ್ಯ ಆಗಬೇಕು. ಸಮಾಜದ ಎಲ್ಲ ವರ್ಗಗಳನ್ನು ಒಟ್ಟಾಗಿ ಕೊಂಡೊಯ್ಯಬೇಕು.
ಬಿ.ವೈ. ರಾಘವೇಂದ್ರ, ಸಂಸದ
